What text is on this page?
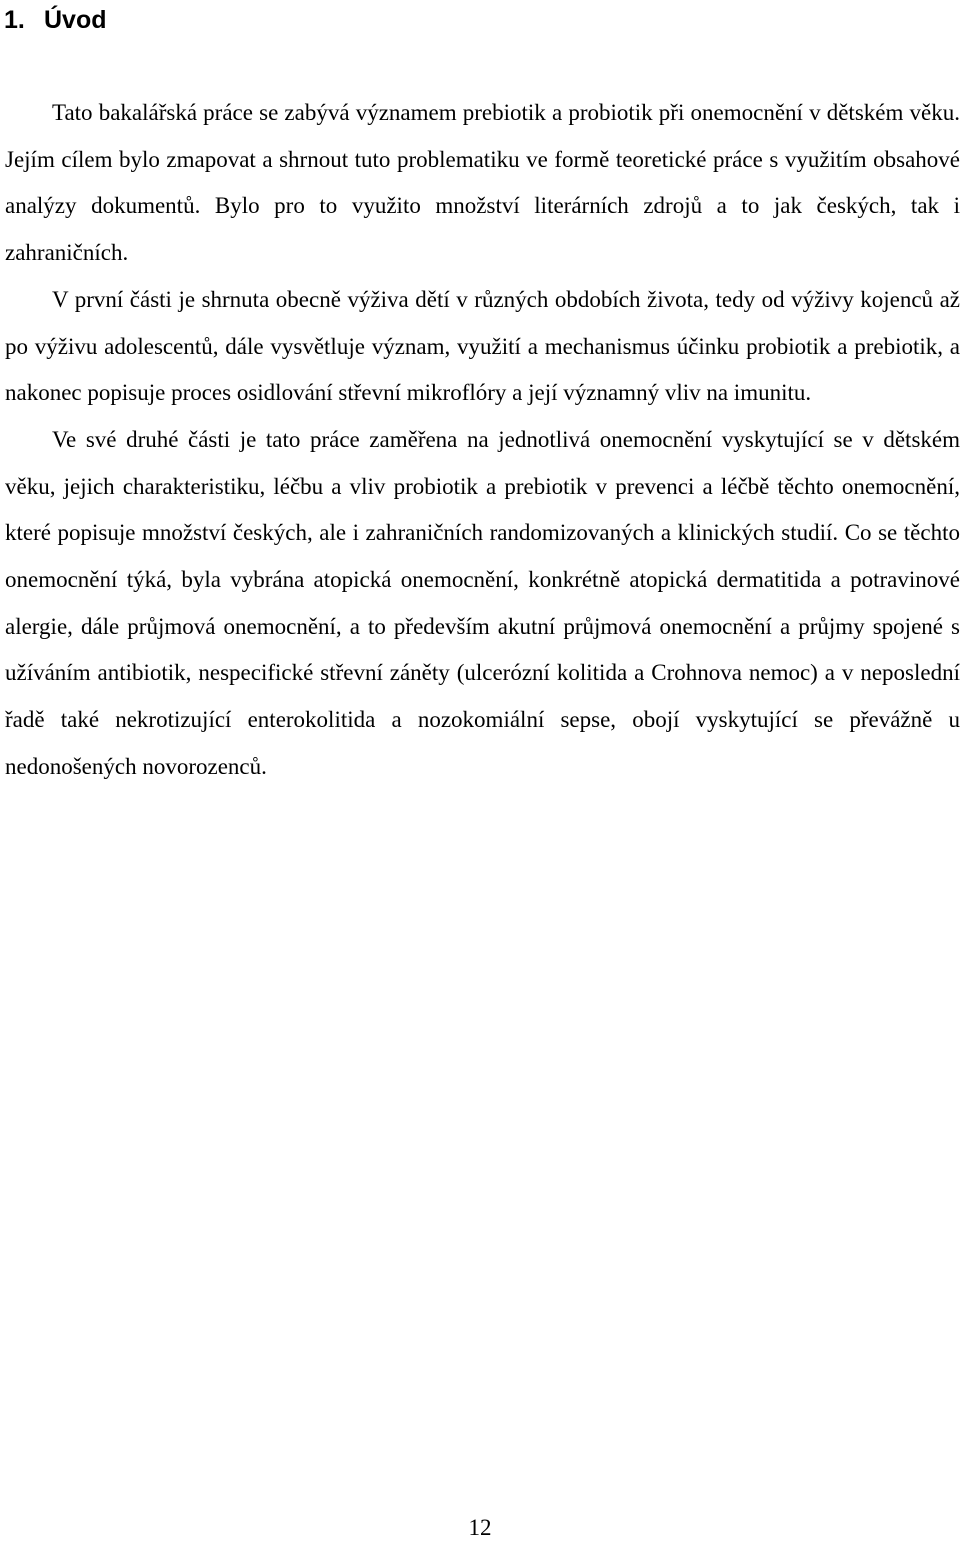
1. Úvod

Tato bakalářská práce se zabývá významem prebiotik a probiotik při onemocnění v dětském věku. Jejím cílem bylo zmapovat a shrnout tuto problematiku ve formě teoretické práce s využitím obsahové analýzy dokumentů. Bylo pro to využito množství literárních zdrojů a to jak českých, tak i zahraničních.

V první části je shrnuta obecně výživa dětí v různých obdobích života, tedy od výživy kojenců až po výživu adolescentů, dále vysvětluje význam, využití a mechanismus účinku probiotik a prebiotik, a nakonec popisuje proces osidlování střevní mikroflóry a její významný vliv na imunitu.

Ve své druhé části je tato práce zaměřena na jednotlivá onemocnění vyskytující se v dětském věku, jejich charakteristiku, léčbu a vliv probiotik a prebiotik v prevenci a léčbě těchto onemocnění, které popisuje množství českých, ale i zahraničních randomizovaných a klinických studií. Co se těchto onemocnění týká, byla vybrána atopická onemocnění, konkrétně atopická dermatitida a potravinové alergie, dále průjmová onemocnění, a to především akutní průjmová onemocnění a průjmy spojené s užíváním antibiotik, nespecifické střevní záněty (ulcerózní kolitida a Crohnova nemoc) a v neposlední řadě také nekrotizující enterokolitida a nozokomiální sepse, obojí vyskytující se převážně u nedonošených novorozenců.

12
